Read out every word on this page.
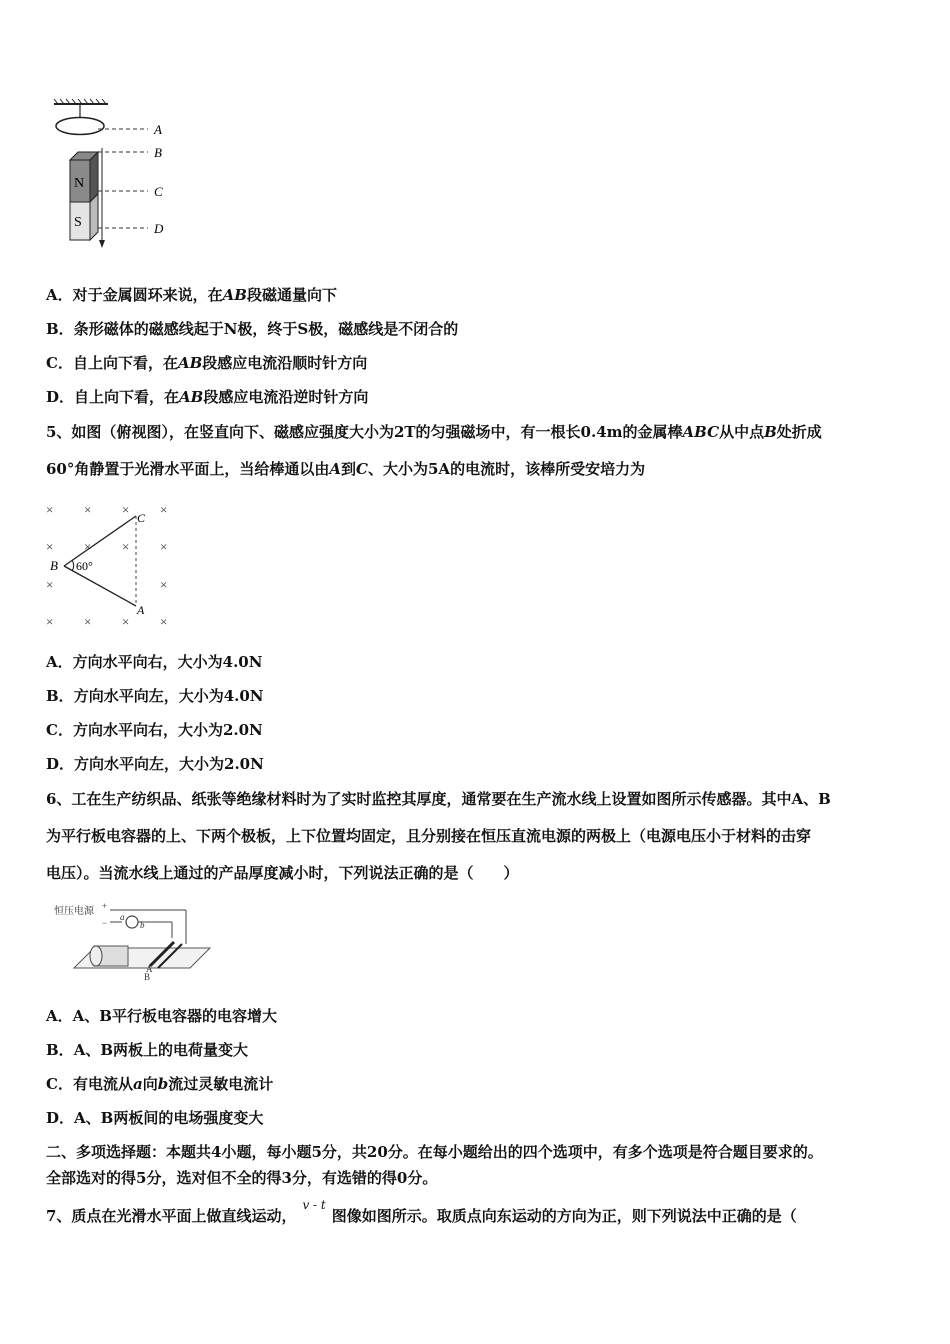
A
N
S
B
C
D
A．对于金属圆环来说，在AB段磁通量向下
B．条形磁体的磁感线起于N极，终于S极，磁感线是不闭合的
C．自上向下看，在AB段感应电流沿顺时针方向
D．自上向下看，在AB段感应电流沿逆时针方向
5、如图（俯视图），在竖直向下、磁感应强度大小为2T的匀强磁场中，有一根长0.4m的金属棒ABC从中点B处折成
60°角静置于光滑水平面上，当给棒通以由A到C、大小为5A的电流时，该棒所受安培力为
× × × ×
× × × ×
×
×
× × × ×
B
C
A
60°
A．方向水平向右，大小为4.0N
B．方向水平向左，大小为4.0N
C．方向水平向右，大小为2.0N
D．方向水平向左，大小为2.0N
6、工在生产纺织品、纸张等绝缘材料时为了实时监控其厚度，通常要在生产流水线上设置如图所示传感器。其中A、B
为平行板电容器的上、下两个极板，上下位置均固定，且分别接在恒压直流电源的两极上（电源电压小于材料的击穿
电压）。当流水线上通过的产品厚度减小时，下列说法正确的是（　　）
恒压电源 +
−
a
b
A
B
A．A、B平行板电容器的电容增大
B．A、B两板上的电荷量变大
C．有电流从a向b流过灵敏电流计
D．A、B两板间的电场强度变大
二、多项选择题：本题共4小题，每小题5分，共20分。在每小题给出的四个选项中，有多个选项是符合题目要求的。
全部选对的得5分，选对但不全的得3分，有选错的得0分。
7、质点在光滑水平面上做直线运动，v - t图像如图所示。取质点向东运动的方向为正，则下列说法中正确的是（
